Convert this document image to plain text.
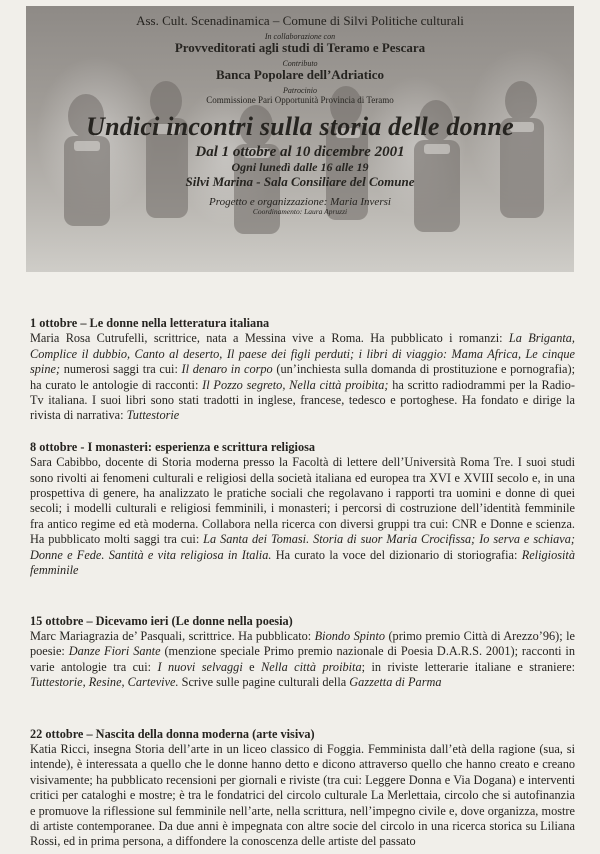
Ass. Cult. Scenadinamica – Comune di Silvi Politiche culturali
In collaborazione con
Provveditorati agli studi di Teramo e Pescara
Contributo
Banca Popolare dell’Adriatico
Patrocinio
Commissione Pari Opportunità Provincia di Teramo
Undici incontri sulla storia delle donne
Dal 1 ottobre al 10 dicembre 2001
Ogni lunedì dalle 16 alle 19
Silvi Marina - Sala Consiliare del Comune
Progetto e organizzazione: Maria Inversi
Coordinamento: Laura Apruzzi
1 ottobre – Le donne nella letteratura italiana

Maria Rosa Cutrufelli, scrittrice, nata a Messina vive a Roma. Ha pubblicato i romanzi: La Briganta, Complice il dubbio, Canto al deserto, Il paese dei figli perduti; i libri di viaggio: Mama Africa, Le cinque spine; numerosi saggi tra cui: Il denaro in corpo (un’inchiesta sulla domanda di prostituzione e pornografia); ha curato le antologie di racconti: Il Pozzo segreto, Nella città proibita; ha scritto radiodrammi per la Radio-Tv italiana. I suoi libri sono stati tradotti in inglese, francese, tedesco e portoghese. Ha fondato e dirige la rivista di narrativa: Tuttestorie

8 ottobre - I monasteri: esperienza e scrittura religiosa

Sara Cabibbo, docente di Storia moderna presso la Facoltà di lettere dell’Università Roma Tre. I suoi studi sono rivolti ai fenomeni culturali e religiosi della società italiana ed europea tra XVI e XVIII secolo e, in una prospettiva di genere, ha analizzato le pratiche sociali che regolavano i rapporti tra uomini e donne di quei secoli; i modelli culturali e religiosi femminili, i monasteri; i percorsi di costruzione dell’identità femminile fra antico regime ed età moderna. Collabora nella ricerca con diversi gruppi tra cui: CNR e Donne e scienza. Ha pubblicato molti saggi tra cui: La Santa dei Tomasi. Storia di suor Maria Crocifissa; Io serva e schiava; Donne e Fede. Santità e vita religiosa in Italia. Ha curato la voce del dizionario di storiografia: Religiosità femminile

15 ottobre – Dicevamo ieri (Le donne nella poesia)

Marc Mariagrazia de’ Pasquali, scrittrice. Ha pubblicato: Biondo Spinto (primo premio Città di Arezzo’96); le poesie: Danze Fiori Sante (menzione speciale Primo premio nazionale di Poesia D.A.R.S. 2001); racconti in varie antologie tra cui: I nuovi selvaggi e Nella città proibita; in riviste letterarie italiane e straniere: Tuttestorie, Resine, Cartevive. Scrive sulle pagine culturali della Gazzetta di Parma

22 ottobre – Nascita della donna moderna (arte visiva)

Katia Ricci, insegna Storia dell’arte in un liceo classico di Foggia. Femminista dall’età della ragione (sua, si intende), è interessata a quello che le donne hanno detto e dicono attraverso quello che hanno creato e creano visivamente; ha pubblicato recensioni per giornali e riviste (tra cui: Leggere Donna e Via Dogana) e interventi critici per cataloghi e mostre; è tra le fondatrici del circolo culturale La Merlettaia, circolo che si autofinanzia e promuove la riflessione sul femminile nell’arte, nella scrittura, nell’impegno civile e, dove organizza, mostre di artiste contemporanee. Da due anni è impegnata con altre socie del circolo in una ricerca storica su Liliana Rossi, ed in prima persona, a diffondere la conoscenza delle artiste del passato
